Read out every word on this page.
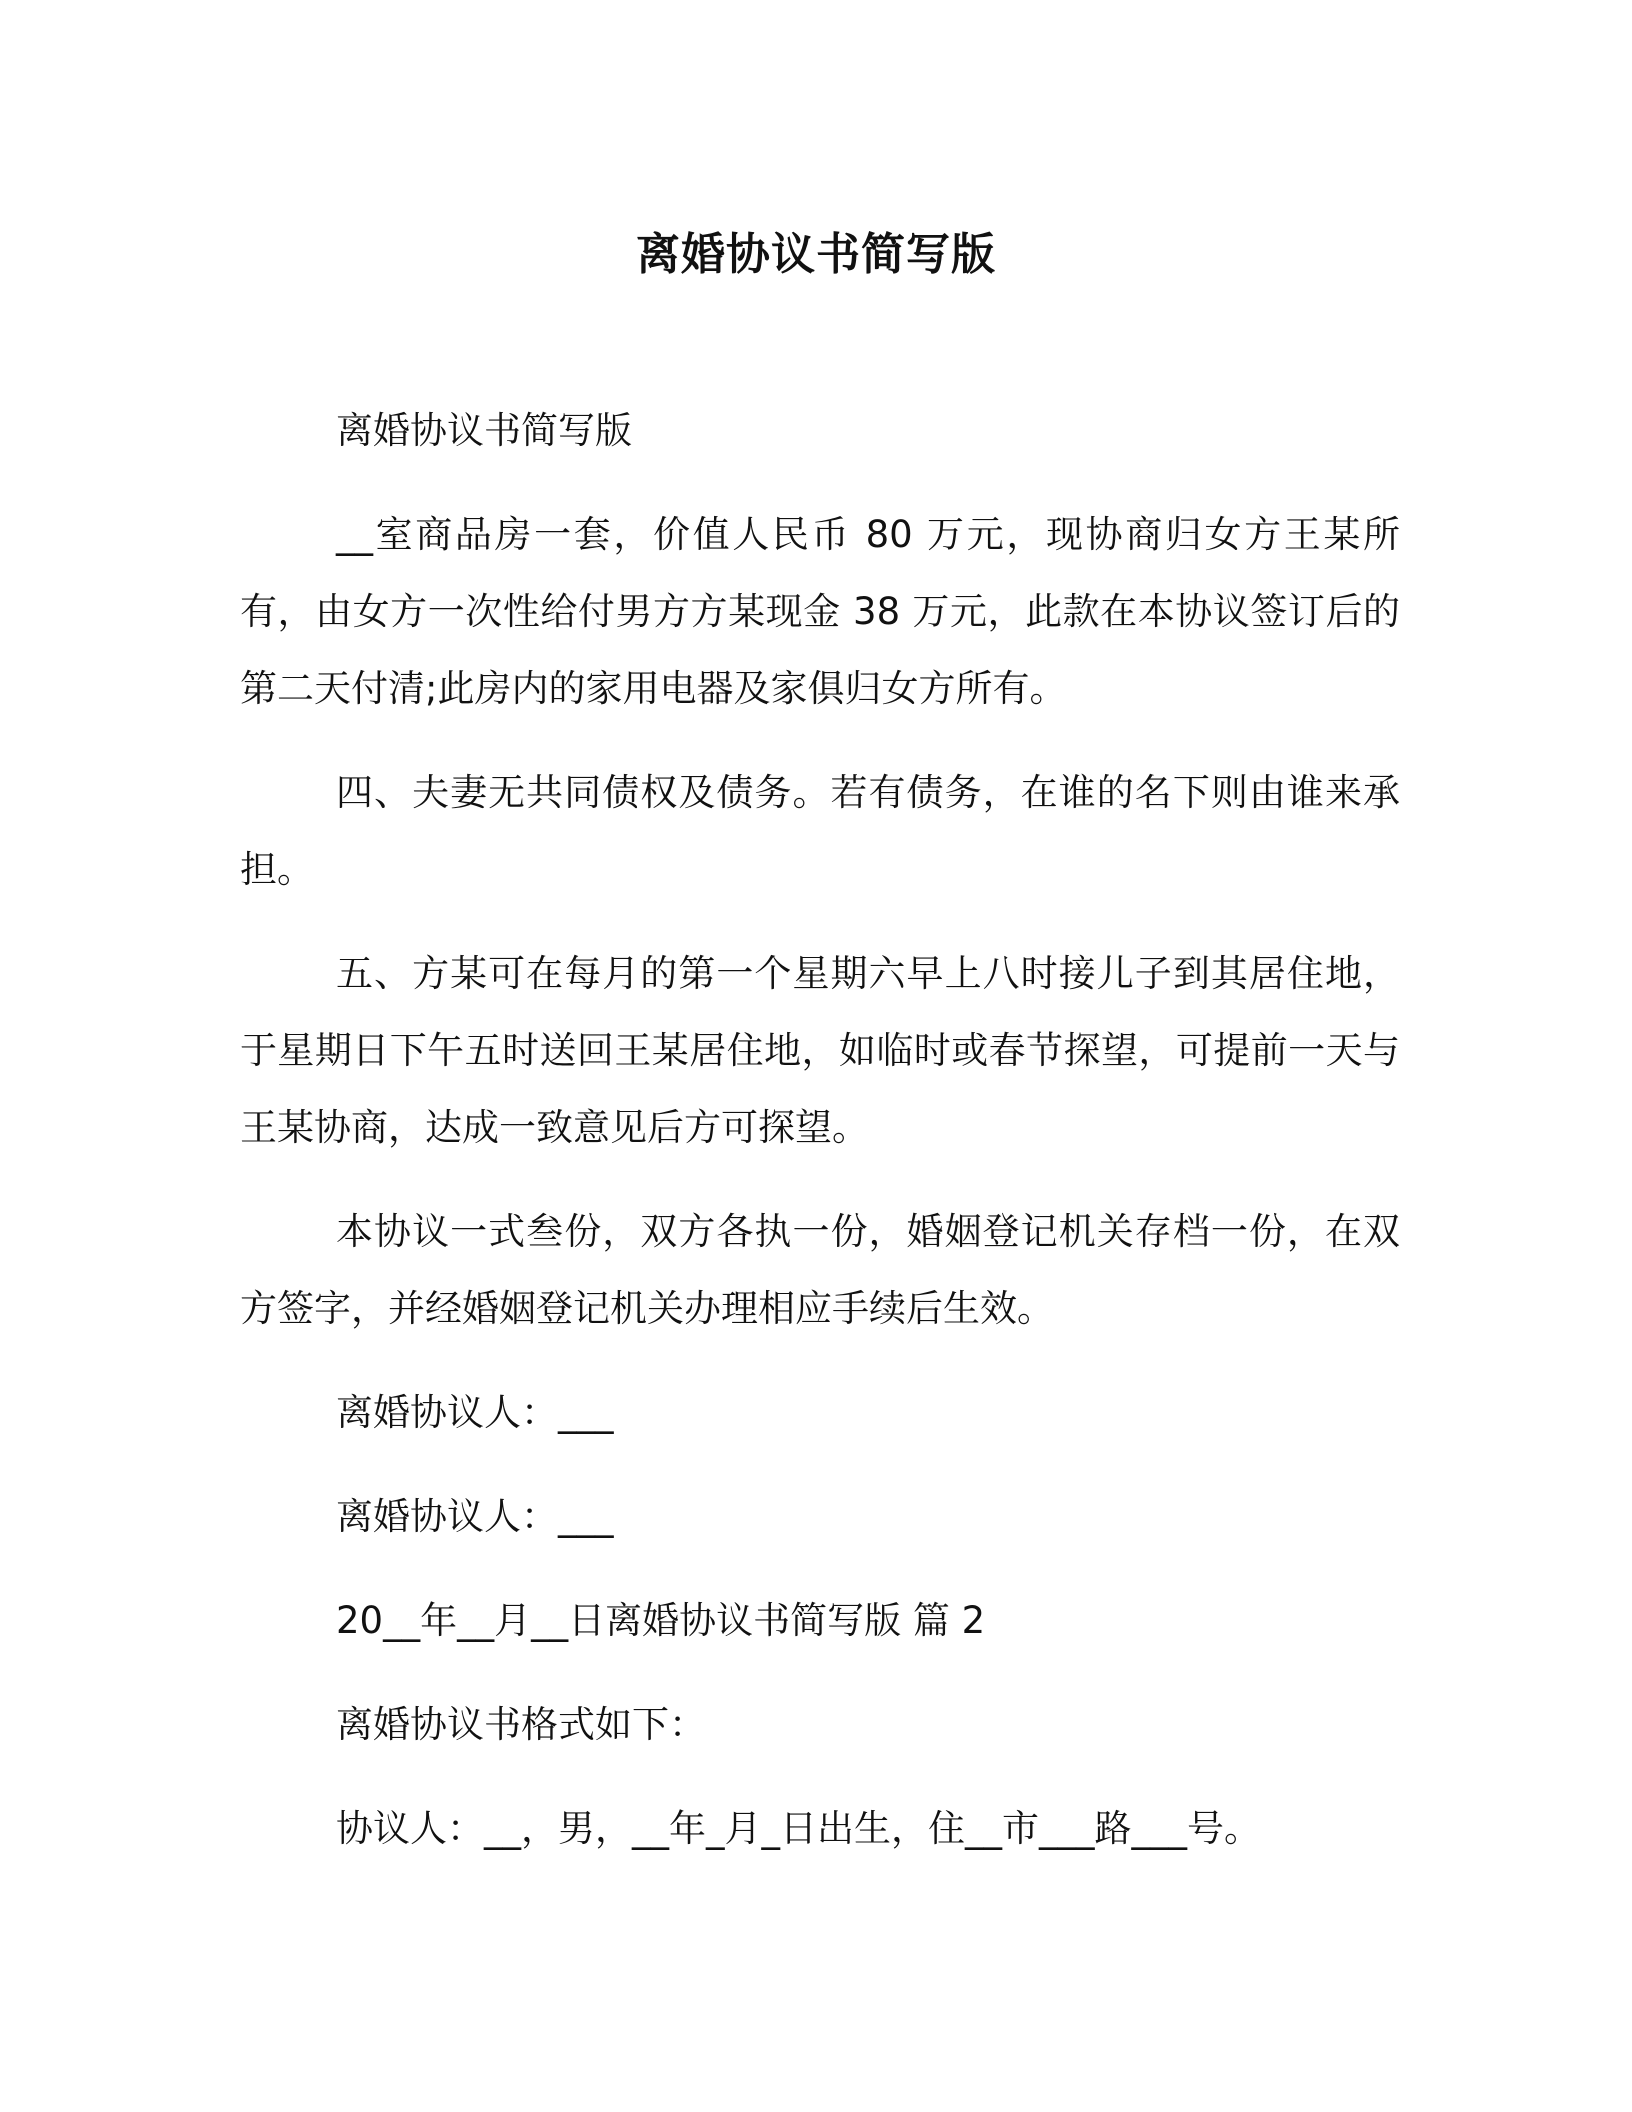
离婚协议书简写版

离婚协议书简写版

__室商品房一套，价值人民币 80 万元，现协商归女方王某所有，由女方一次性给付男方方某现金 38 万元，此款在本协议签订后的第二天付清;此房内的家用电器及家俱归女方所有。

四、夫妻无共同债权及债务。若有债务，在谁的名下则由谁来承担。

五、方某可在每月的第一个星期六早上八时接儿子到其居住地，于星期日下午五时送回王某居住地，如临时或春节探望，可提前一天与王某协商，达成一致意见后方可探望。

本协议一式叁份，双方各执一份，婚姻登记机关存档一份，在双方签字，并经婚姻登记机关办理相应手续后生效。

离婚协议人：___

离婚协议人：___

20__年__月__日离婚协议书简写版 篇 2

离婚协议书格式如下：

协议人：__，男，__年_月_日出生，住__市___路___号。
